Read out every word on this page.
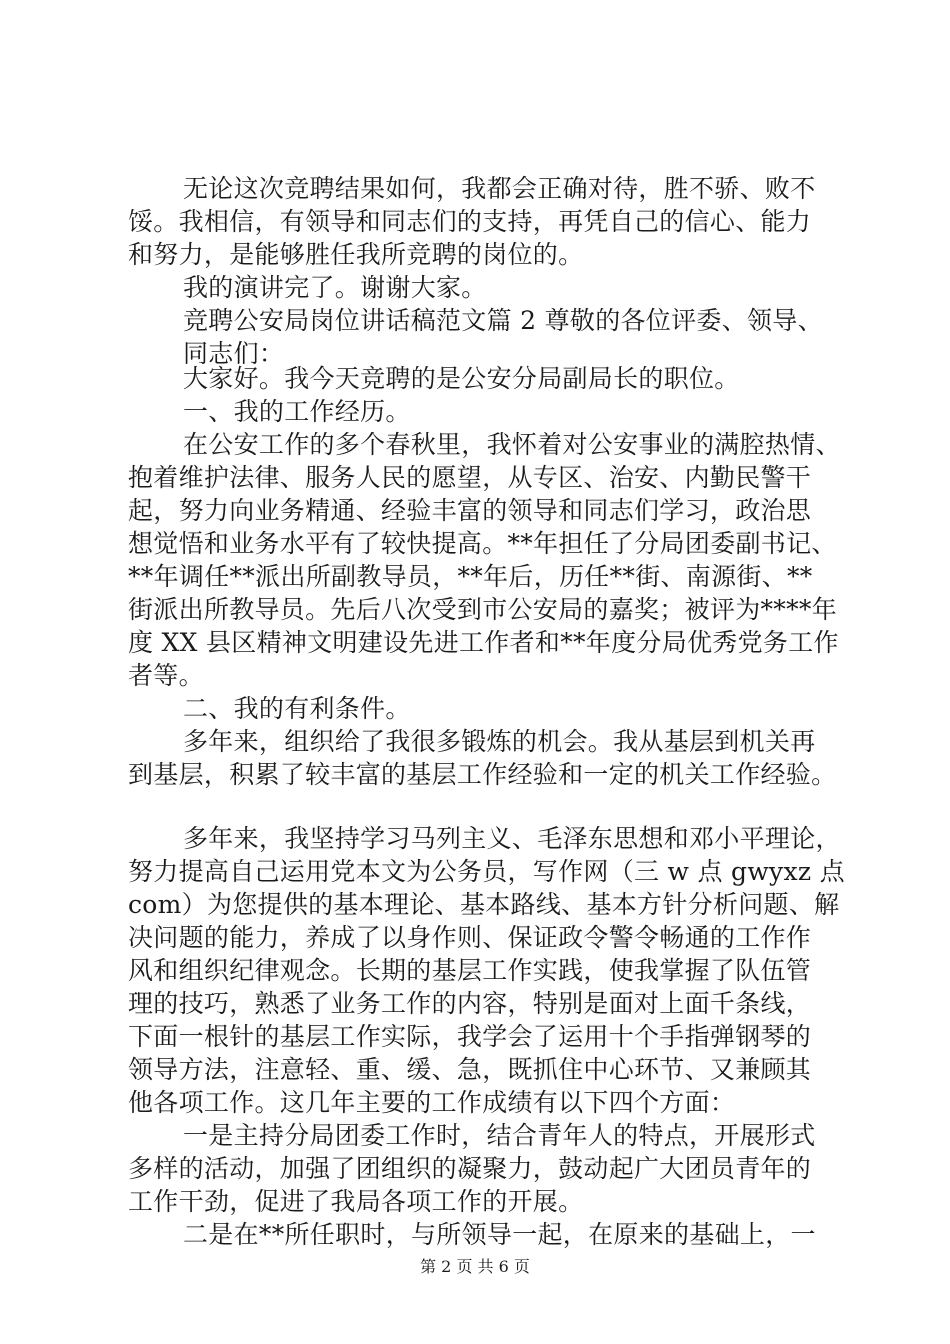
无论这次竞聘结果如何，我都会正确对待，胜不骄、败不
馁。我相信，有领导和同志们的支持，再凭自己的信心、能力
和努力，是能够胜任我所竞聘的岗位的。
我的演讲完了。谢谢大家。
竞聘公安局岗位讲话稿范文篇 2 尊敬的各位评委、领导、
同志们：
大家好。我今天竞聘的是公安分局副局长的职位。
一、我的工作经历。
在公安工作的多个春秋里，我怀着对公安事业的满腔热情、
抱着维护法律、服务人民的愿望，从专区、治安、内勤民警干
起，努力向业务精通、经验丰富的领导和同志们学习，政治思
想觉悟和业务水平有了较快提高。**年担任了分局团委副书记、
**年调任**派出所副教导员，**年后，历任**街、南源街、**
街派出所教导员。先后八次受到市公安局的嘉奖；被评为****年
度 XX 县区精神文明建设先进工作者和**年度分局优秀党务工作
者等。
二、我的有利条件。
多年来，组织给了我很多锻炼的机会。我从基层到机关再
到基层，积累了较丰富的基层工作经验和一定的机关工作经验。
多年来，我坚持学习马列主义、毛泽东思想和邓小平理论，
努力提高自己运用党本文为公务员，写作网（三 w 点 gwyxz 点
com）为您提供的基本理论、基本路线、基本方针分析问题、解
决问题的能力，养成了以身作则、保证政令警令畅通的工作作
风和组织纪律观念。长期的基层工作实践，使我掌握了队伍管
理的技巧，熟悉了业务工作的内容，特别是面对上面千条线，
下面一根针的基层工作实际，我学会了运用十个手指弹钢琴的
领导方法，注意轻、重、缓、急，既抓住中心环节、又兼顾其
他各项工作。这几年主要的工作成绩有以下四个方面：
一是主持分局团委工作时，结合青年人的特点，开展形式
多样的活动，加强了团组织的凝聚力，鼓动起广大团员青年的
工作干劲，促进了我局各项工作的开展。
二是在**所任职时，与所领导一起，在原来的基础上，一
第 2 页 共 6 页
